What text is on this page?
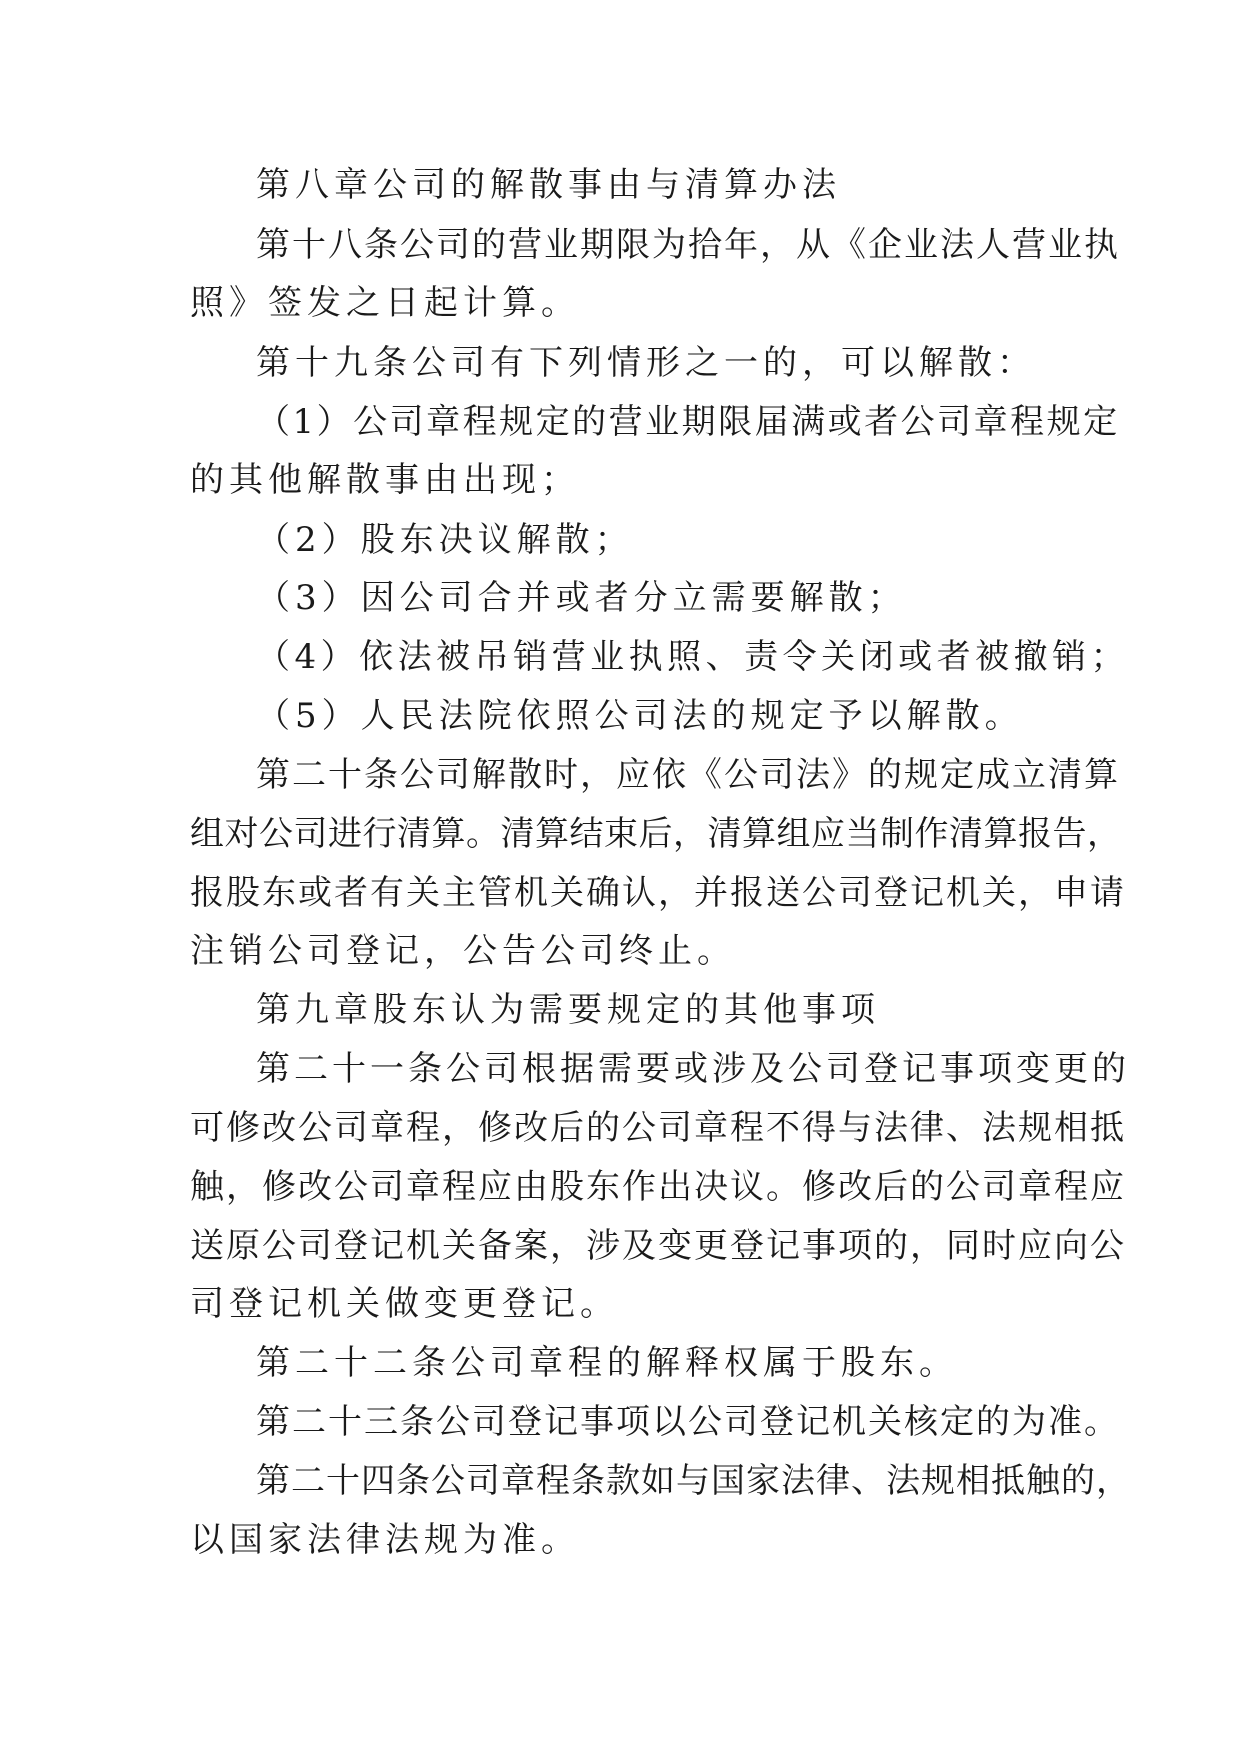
第八章公司的解散事由与清算办法

第十八条公司的营业期限为拾年，从《企业法人营业执

照》签发之日起计算。

第十九条公司有下列情形之一的，可以解散：

（1）公司章程规定的营业期限届满或者公司章程规定

的其他解散事由出现；

（2）股东决议解散；

（3）因公司合并或者分立需要解散；

（4）依法被吊销营业执照、责令关闭或者被撤销；

（5）人民法院依照公司法的规定予以解散。

第二十条公司解散时，应依《公司法》的规定成立清算

组对公司进行清算。清算结束后，清算组应当制作清算报告，

报股东或者有关主管机关确认，并报送公司登记机关，申请

注销公司登记，公告公司终止。

第九章股东认为需要规定的其他事项

第二十一条公司根据需要或涉及公司登记事项变更的

可修改公司章程，修改后的公司章程不得与法律、法规相抵

触，修改公司章程应由股东作出决议。修改后的公司章程应

送原公司登记机关备案，涉及变更登记事项的，同时应向公

司登记机关做变更登记。

第二十二条公司章程的解释权属于股东。

第二十三条公司登记事项以公司登记机关核定的为准。

第二十四条公司章程条款如与国家法律、法规相抵触的，

以国家法律法规为准。
